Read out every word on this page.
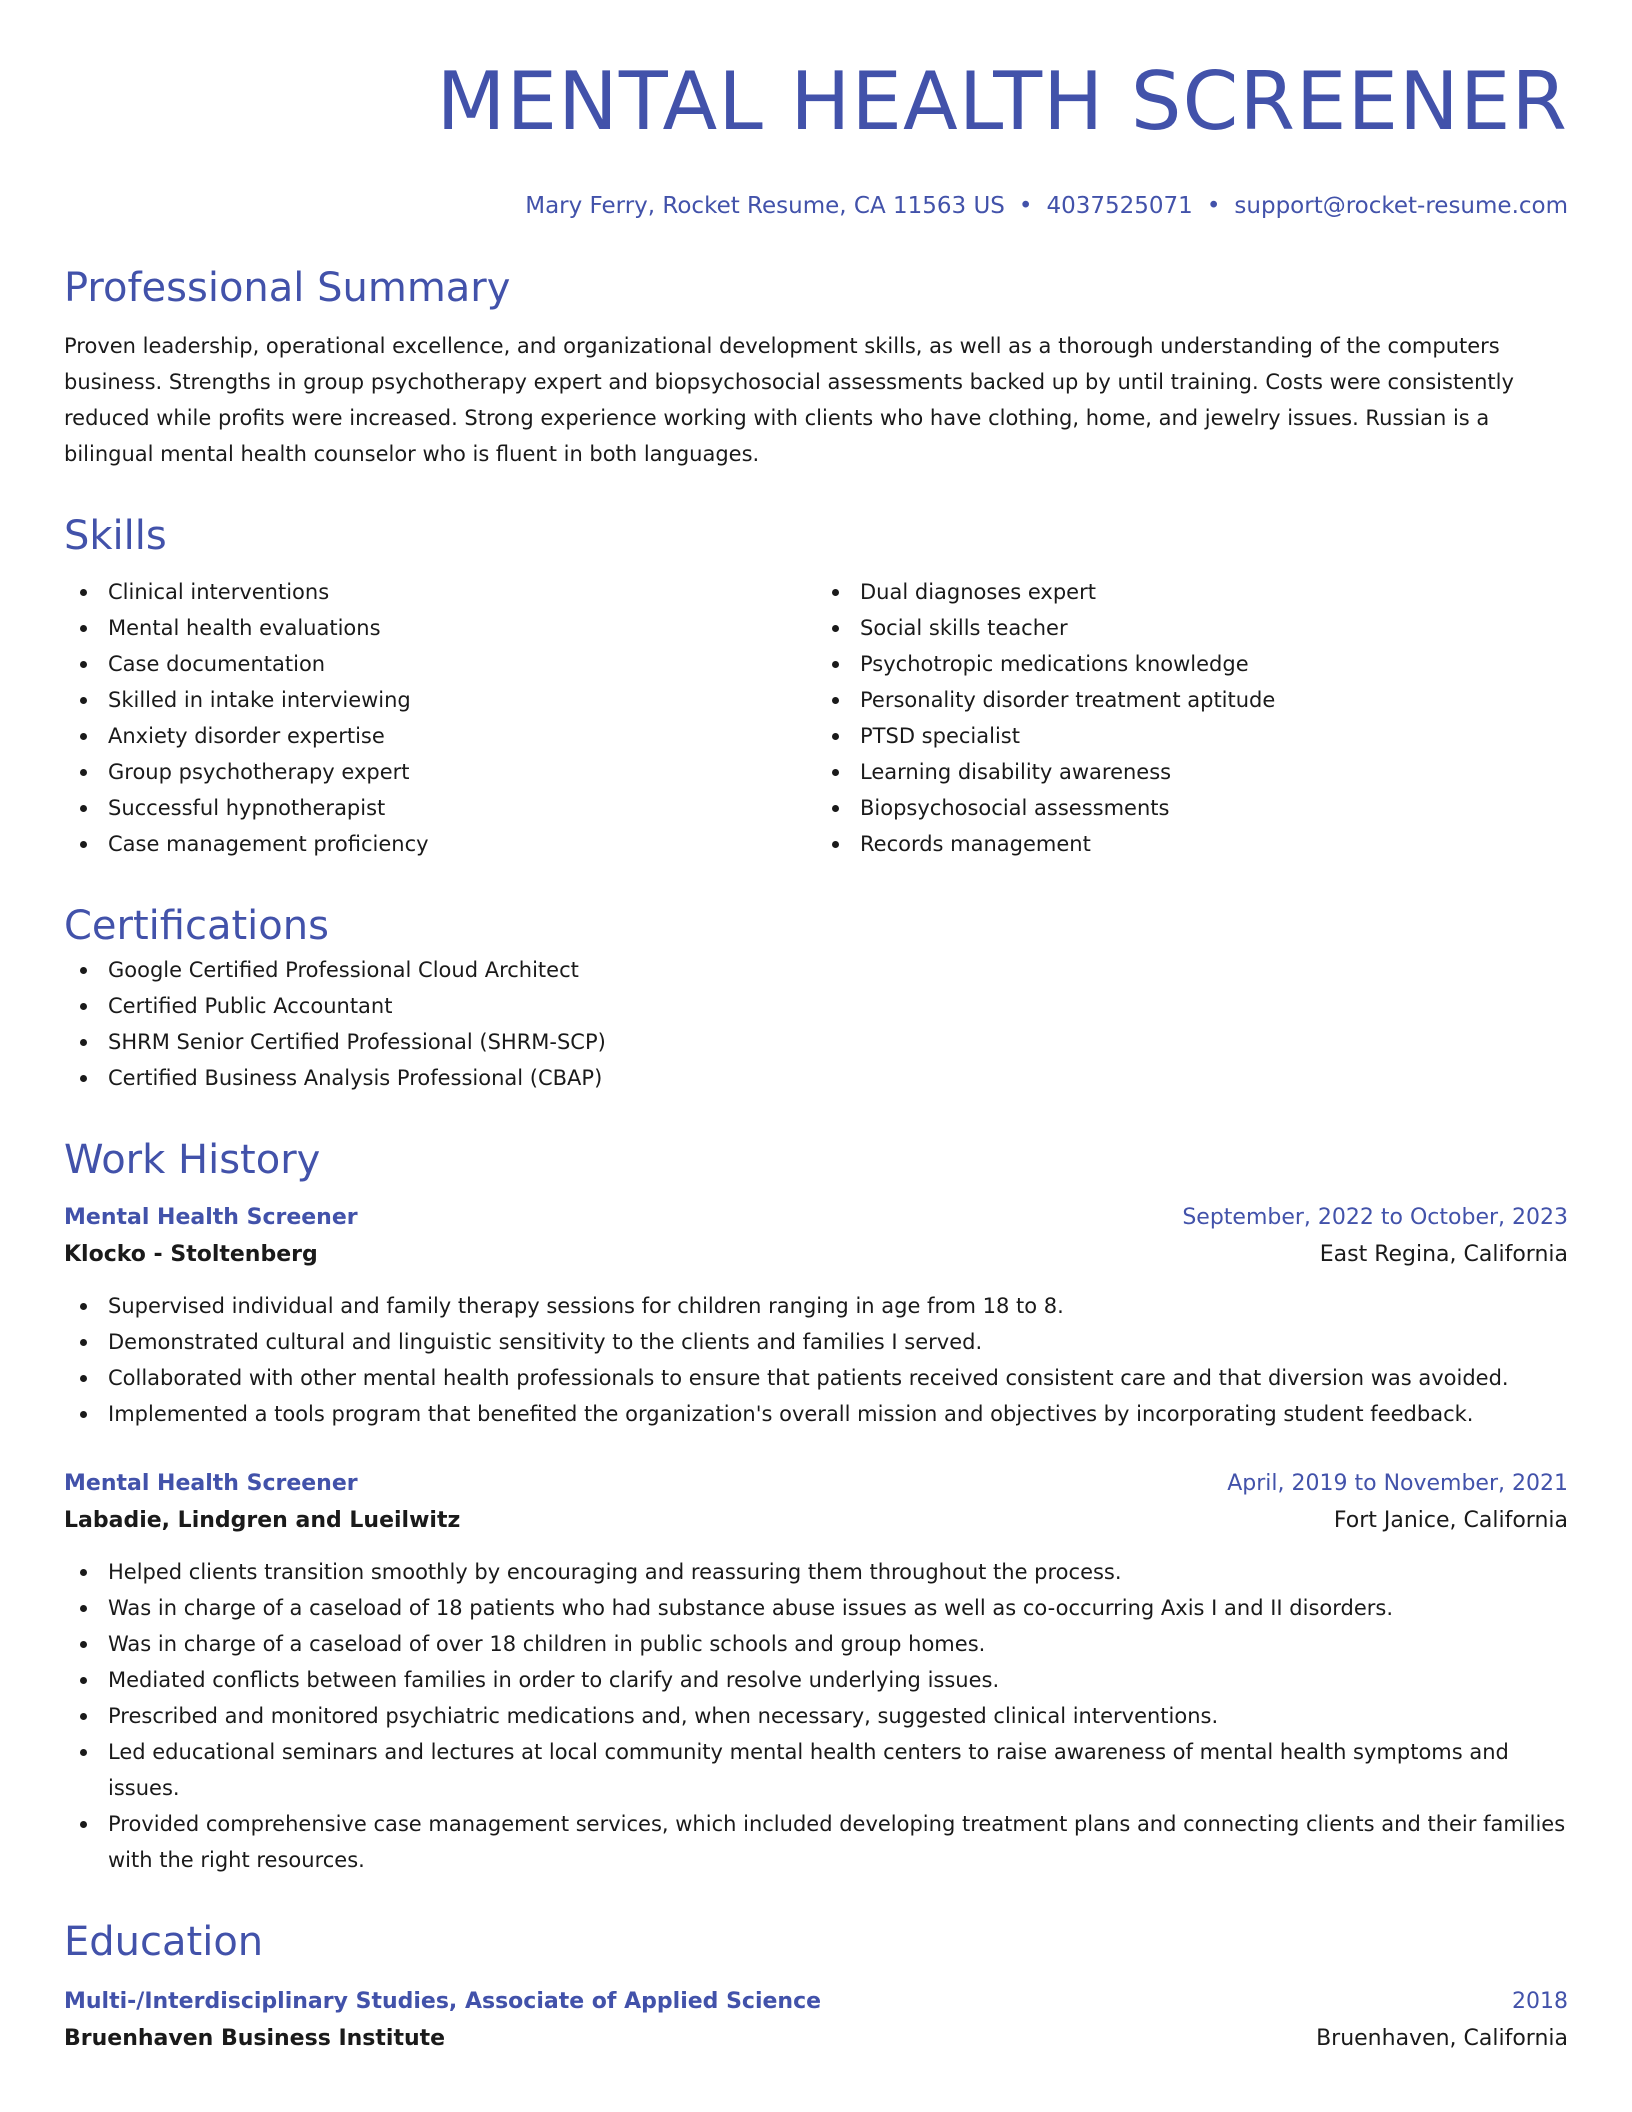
MENTAL HEALTH SCREENER
Mary Ferry, Rocket Resume, CA 11563 US • 4037525071 • support@rocket-resume.com
Professional Summary
Proven leadership, operational excellence, and organizational development skills, as well as a thorough understanding of the computers business. Strengths in group psychotherapy expert and biopsychosocial assessments backed up by until training. Costs were consistently reduced while profits were increased. Strong experience working with clients who have clothing, home, and jewelry issues. Russian is a bilingual mental health counselor who is fluent in both languages.
Skills
Clinical interventions
Mental health evaluations
Case documentation
Skilled in intake interviewing
Anxiety disorder expertise
Group psychotherapy expert
Successful hypnotherapist
Case management proficiency
Dual diagnoses expert
Social skills teacher
Psychotropic medications knowledge
Personality disorder treatment aptitude
PTSD specialist
Learning disability awareness
Biopsychosocial assessments
Records management
Certifications
Google Certified Professional Cloud Architect
Certified Public Accountant
SHRM Senior Certified Professional (SHRM-SCP)
Certified Business Analysis Professional (CBAP)
Work History
Mental Health Screener	September, 2022 to October, 2023
Klocko - Stoltenberg	East Regina, California
Supervised individual and family therapy sessions for children ranging in age from 18 to 8.
Demonstrated cultural and linguistic sensitivity to the clients and families I served.
Collaborated with other mental health professionals to ensure that patients received consistent care and that diversion was avoided.
Implemented a tools program that benefited the organization's overall mission and objectives by incorporating student feedback.
Mental Health Screener	April, 2019 to November, 2021
Labadie, Lindgren and Lueilwitz	Fort Janice, California
Helped clients transition smoothly by encouraging and reassuring them throughout the process.
Was in charge of a caseload of 18 patients who had substance abuse issues as well as co-occurring Axis I and II disorders.
Was in charge of a caseload of over 18 children in public schools and group homes.
Mediated conflicts between families in order to clarify and resolve underlying issues.
Prescribed and monitored psychiatric medications and, when necessary, suggested clinical interventions.
Led educational seminars and lectures at local community mental health centers to raise awareness of mental health symptoms and issues.
Provided comprehensive case management services, which included developing treatment plans and connecting clients and their families with the right resources.
Education
Multi-/Interdisciplinary Studies, Associate of Applied Science	2018
Bruenhaven Business Institute	Bruenhaven, California
